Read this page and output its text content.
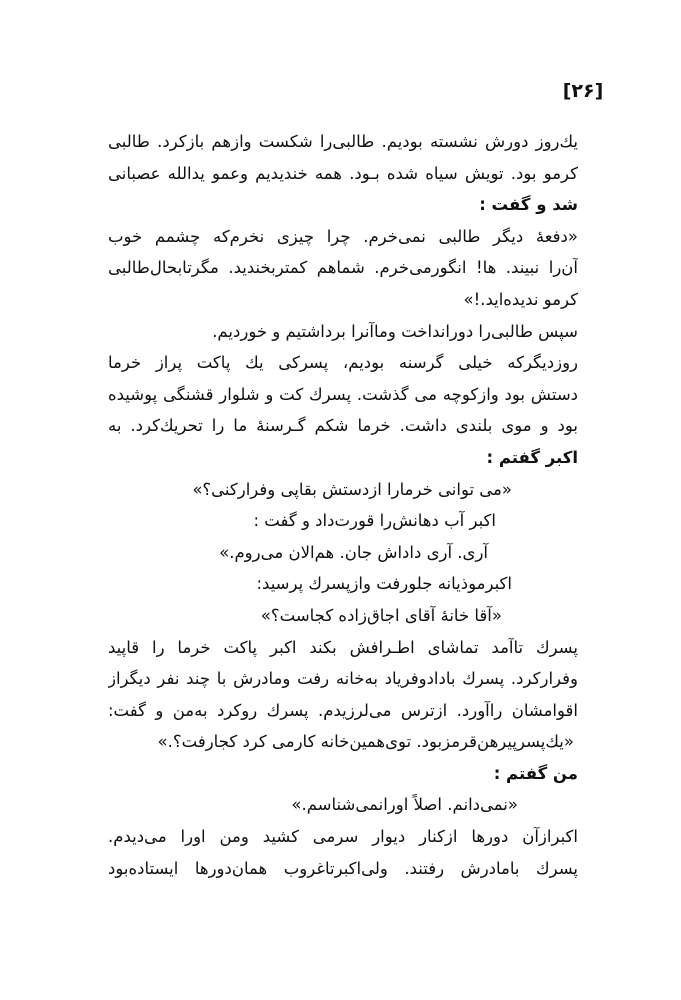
[۲۶]
یك‌روز دورش نشسته بودیم. طالبی‌را شکست وازهم بازکرد. طالبی
کرمو بود. تویش سیاه شده بـود. همه خندیدیم وعمو یدالله عصبانی
شد و گفت :
«دفعهٔ دیگر طالبی نمی‌خرم. چرا چیزی نخرم‌که چشمم خوب
آن‌را نبیند. ها! انگورمی‌خرم. شماهم کمتربخندید. مگرتابحال‌طالبی
کرمو ندیده‌اید.!»
سپس طالبی‌را دورانداخت وماآنرا برداشتیم و خوردیم.
روزدیگرکه خیلی گرسنه بودیم، پسرکی یك پاکت پراز خرما
دستش بود وازکوچه می گذشت. پسرك کت و شلوار قشنگی پوشیده
بود و موی بلندی داشت. خرما شکم گـرسنهٔ ما را تحریك‌کرد. به
اکبر گفتم :
«می توانی خرمارا ازدستش بقاپی وفرارکنی؟»
اکبر آب دهانش‌را قورت‌داد و گفت :
آری. آری داداش جان. هم‌الان می‌روم.»
اکبرموذیانه جلورفت وازپسرك پرسید:
«آقا خانهٔ آقای اجاق‌زاده کجاست؟»
پسرك تاآمد تماشای اطـرافش بکند اکبر پاکت خرما را قاپید
وفرارکرد. پسرك بادادوفریاد به‌خانه رفت ومادرش با چند نفر دیگراز
اقوامشان راآورد. ازترس می‌لرزیدم. پسرك روکرد به‌من و گفت:
«یك‌پسرپیرهن‌قرمزبود. توی‌همین‌خانه کارمی کرد کجارفت؟.»
من گفتم :
«نمی‌دانم. اصلاً اورانمی‌شناسم.»
اکبرازآن دورها ازکنار دیوار سرمی کشید ومن اورا می‌دیدم.
پسرك بامادرش رفتند. ولی‌اکبرتاغروب همان‌دورها ایستاده‌بود
